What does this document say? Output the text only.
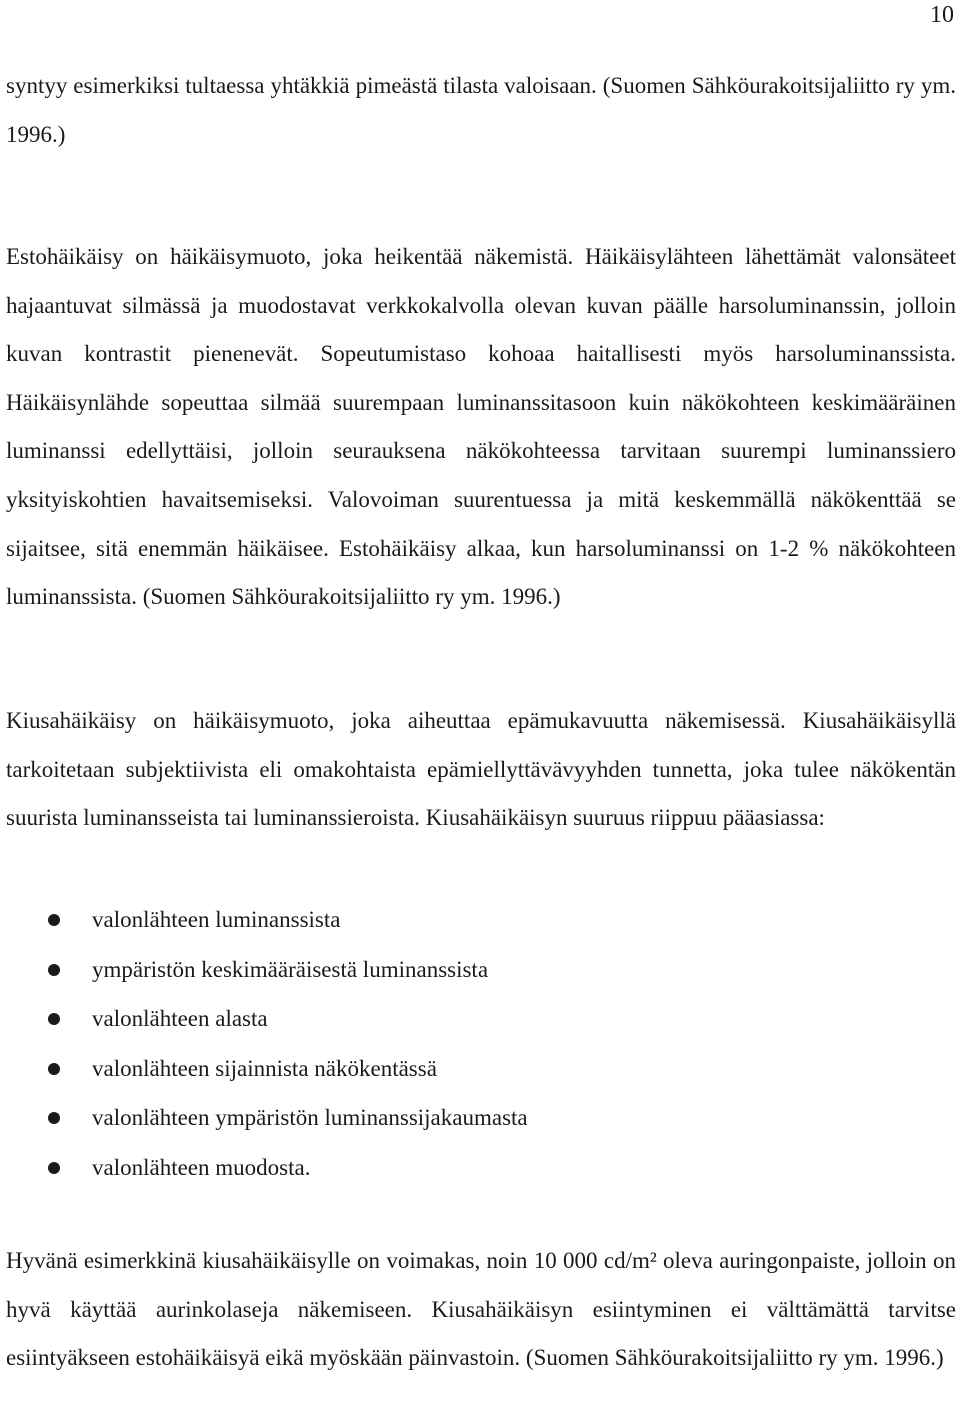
10

syntyy esimerkiksi tultaessa yhtäkkiä pimeästä tilasta valoisaan. (Suomen Sähköurakoitsijaliitto ry ym. 1996.)

Estohäikäisy on häikäisymuoto, joka heikentää näkemistä. Häikäisylähteen lähettämät valonsäteet hajaantuvat silmässä ja muodostavat verkkokalvolla olevan kuvan päälle harsoluminanssin, jolloin kuvan kontrastit pienenevät. Sopeutumistaso kohoaa haitallisesti myös harsoluminanssista. Häikäisynlähde sopeuttaa silmää suurempaan luminanssitasoon kuin näkökohteen keskimääräinen luminanssi edellyttäisi, jolloin seurauksena näkökohteessa tarvitaan suurempi luminanssiero yksityiskohtien havaitsemiseksi. Valovoiman suurentuessa ja mitä keskemmällä näkökenttää se sijaitsee, sitä enemmän häikäisee. Estohäikäisy alkaa, kun harsoluminanssi on 1-2 % näkökohteen luminanssista. (Suomen Sähköurakoitsijaliitto ry ym. 1996.)

Kiusahäikäisy on häikäisymuoto, joka aiheuttaa epämukavuutta näkemisessä. Kiusahäikäisyllä tarkoitetaan subjektiivista eli omakohtaista epämiellyttävävyyhden tunnetta, joka tulee näkökentän suurista luminansseista tai luminanssieroista. Kiusahäikäisyn suuruus riippuu pääasiassa:

valonlähteen luminanssista
ympäristön keskimääräisestä luminanssista
valonlähteen alasta
valonlähteen sijainnista näkökentässä
valonlähteen ympäristön luminanssijakaumasta
valonlähteen muodosta.

Hyvänä esimerkkinä kiusahäikäisylle on voimakas, noin 10 000 cd/m² oleva auringonpaiste, jolloin on hyvä käyttää aurinkolaseja näkemiseen. Kiusahäikäisyn esiintyminen ei välttämättä tarvitse esiintyäkseen estohäikäisyä eikä myöskään päinvastoin. (Suomen Sähköurakoitsijaliitto ry ym. 1996.)
